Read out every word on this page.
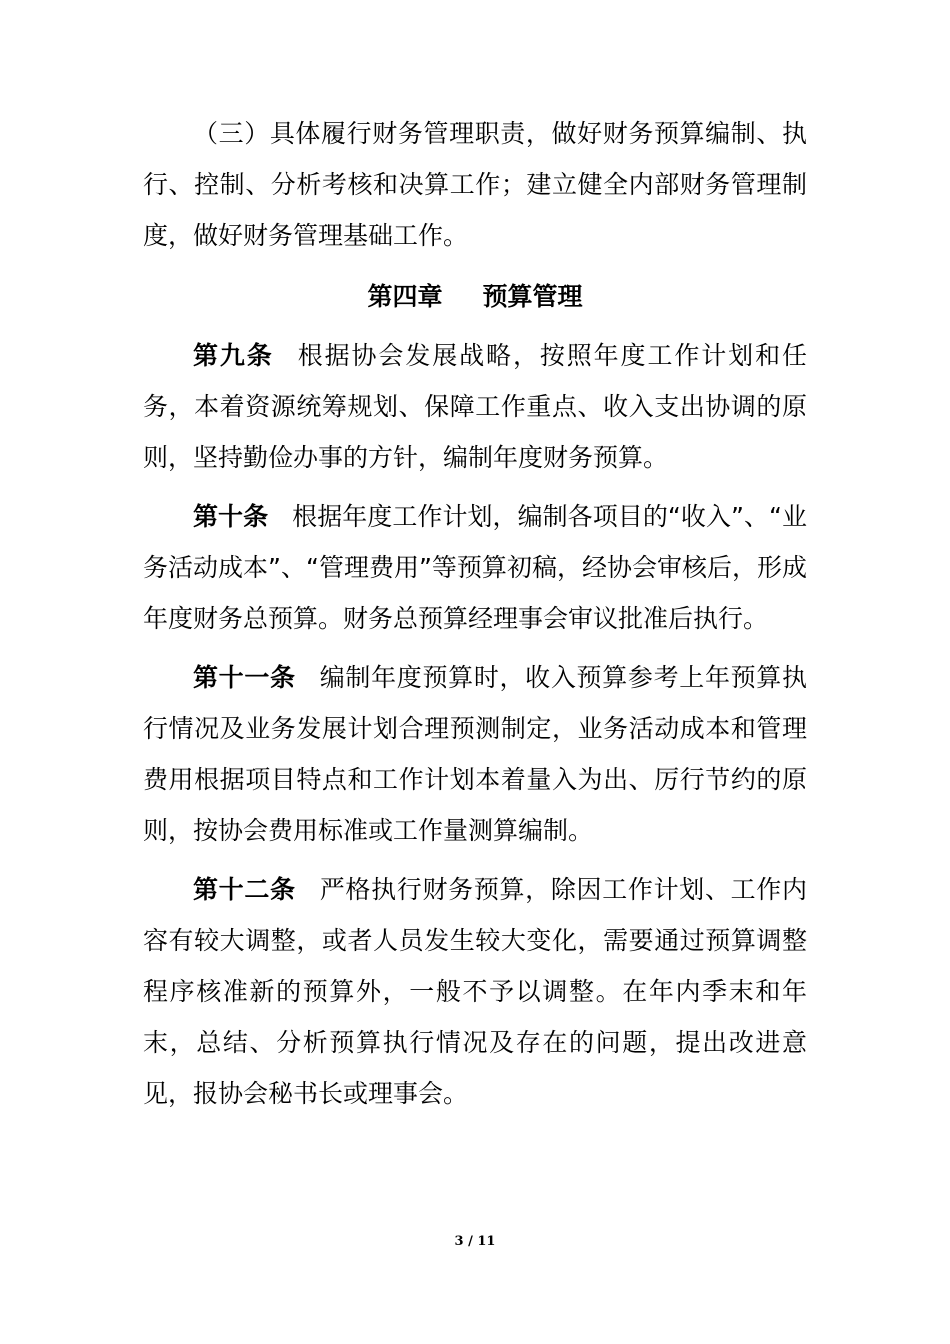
（三）具体履行财务管理职责，做好财务预算编制、执行、控制、分析考核和决算工作；建立健全内部财务管理制度，做好财务管理基础工作。

第四章 预算管理

第九条 根据协会发展战略，按照年度工作计划和任务，本着资源统筹规划、保障工作重点、收入支出协调的原则，坚持勤俭办事的方针，编制年度财务预算。

第十条 根据年度工作计划，编制各项目的“收入”、“业务活动成本”、“管理费用”等预算初稿，经协会审核后，形成年度财务总预算。财务总预算经理事会审议批准后执行。

第十一条 编制年度预算时，收入预算参考上年预算执行情况及业务发展计划合理预测制定，业务活动成本和管理费用根据项目特点和工作计划本着量入为出、厉行节约的原则，按协会费用标准或工作量测算编制。

第十二条 严格执行财务预算，除因工作计划、工作内容有较大调整，或者人员发生较大变化，需要通过预算调整程序核准新的预算外，一般不予以调整。在年内季末和年末，总结、分析预算执行情况及存在的问题，提出改进意见，报协会秘书长或理事会。

3 / 11
